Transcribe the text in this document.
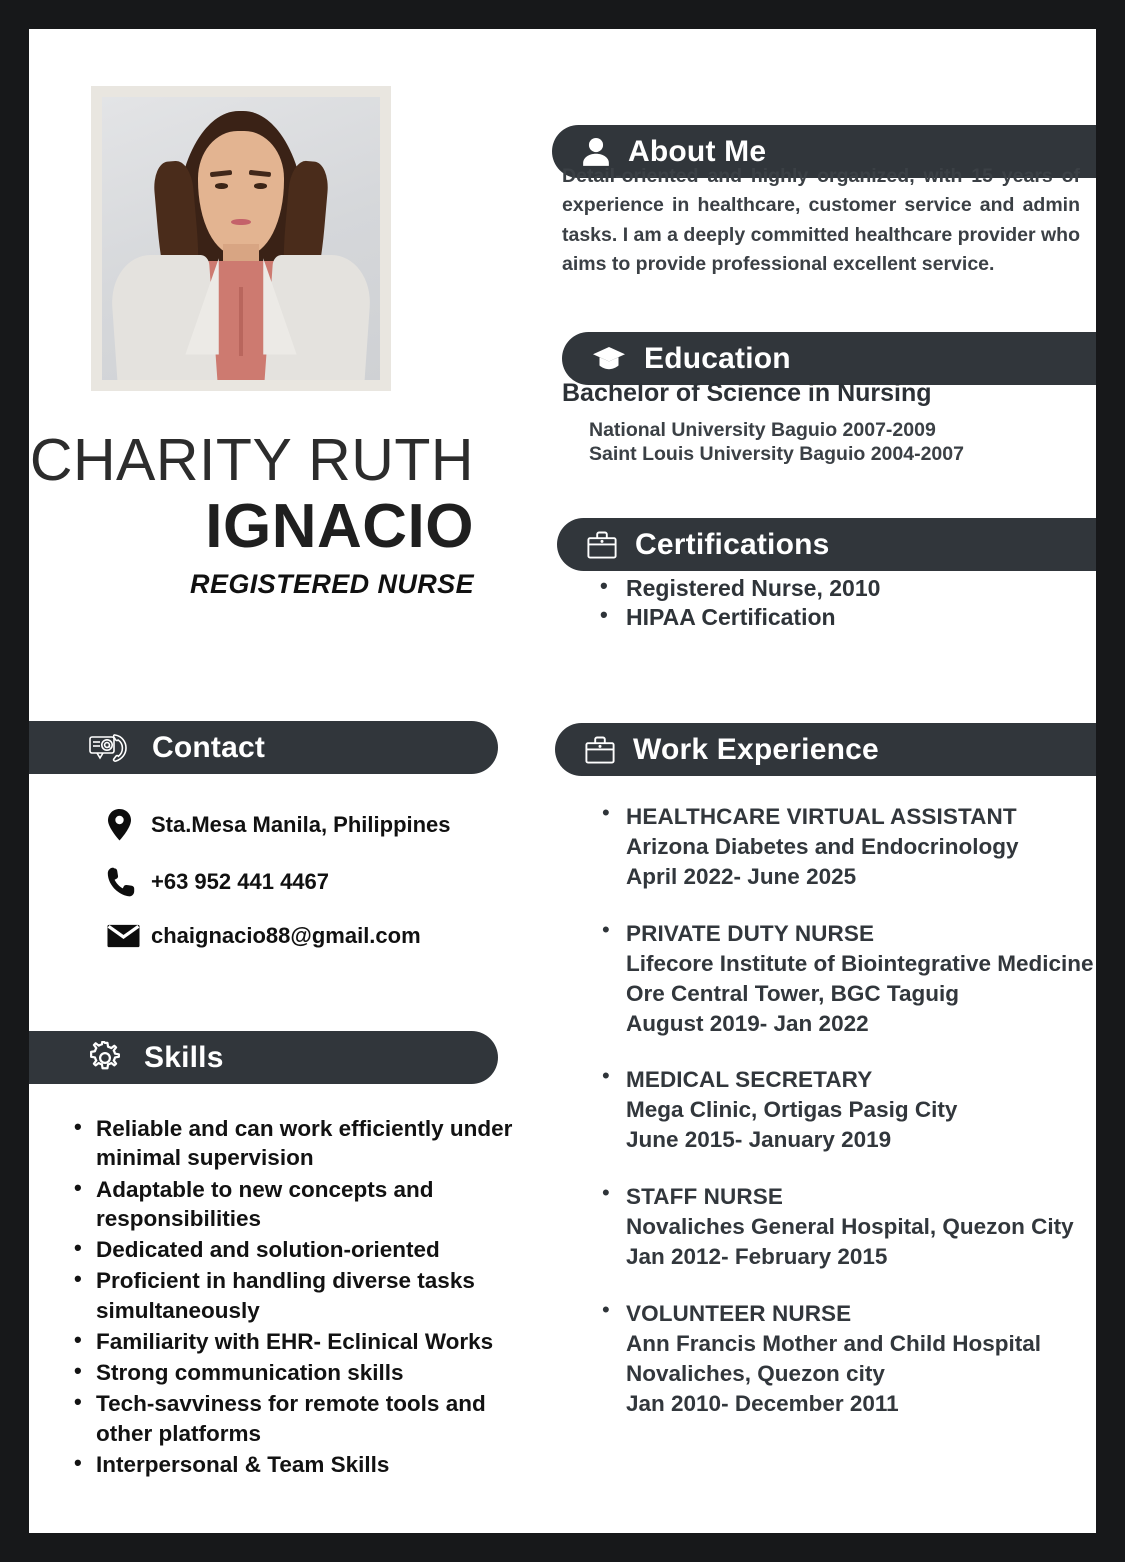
CHARITY RUTH
IGNACIO
REGISTERED NURSE
Contact
Sta.Mesa Manila, Philippines
+63 952 441 4467
chaignacio88@gmail.com
Skills
• Reliable and can work efficiently under minimal supervision
• Adaptable to new concepts and responsibilities
• Dedicated and solution-oriented
• Proficient in handling diverse tasks simultaneously
• Familiarity with EHR- Eclinical Works
• Strong communication skills
• Tech-savviness for remote tools and other platforms
• Interpersonal & Team Skills
About Me
Detail-oriented and highly organized, with 15 years of experience in healthcare, customer service and admin tasks. I am a deeply committed healthcare provider who aims to provide professional excellent service.
Education
Bachelor of Science in Nursing
National University Baguio 2007-2009
Saint Louis University Baguio 2004-2007
Certifications
• Registered Nurse, 2010
• HIPAA Certification
Work Experience
• HEALTHCARE VIRTUAL ASSISTANT
Arizona Diabetes and Endocrinology
April 2022- June 2025
• PRIVATE DUTY NURSE
Lifecore Institute of Biointegrative Medicine
Ore Central Tower, BGC Taguig
August 2019- Jan 2022
• MEDICAL SECRETARY
Mega Clinic, Ortigas Pasig City
June 2015- January 2019
• STAFF NURSE
Novaliches General Hospital, Quezon City
Jan 2012- February 2015
• VOLUNTEER NURSE
Ann Francis Mother and Child Hospital
Novaliches, Quezon city
Jan 2010- December 2011
